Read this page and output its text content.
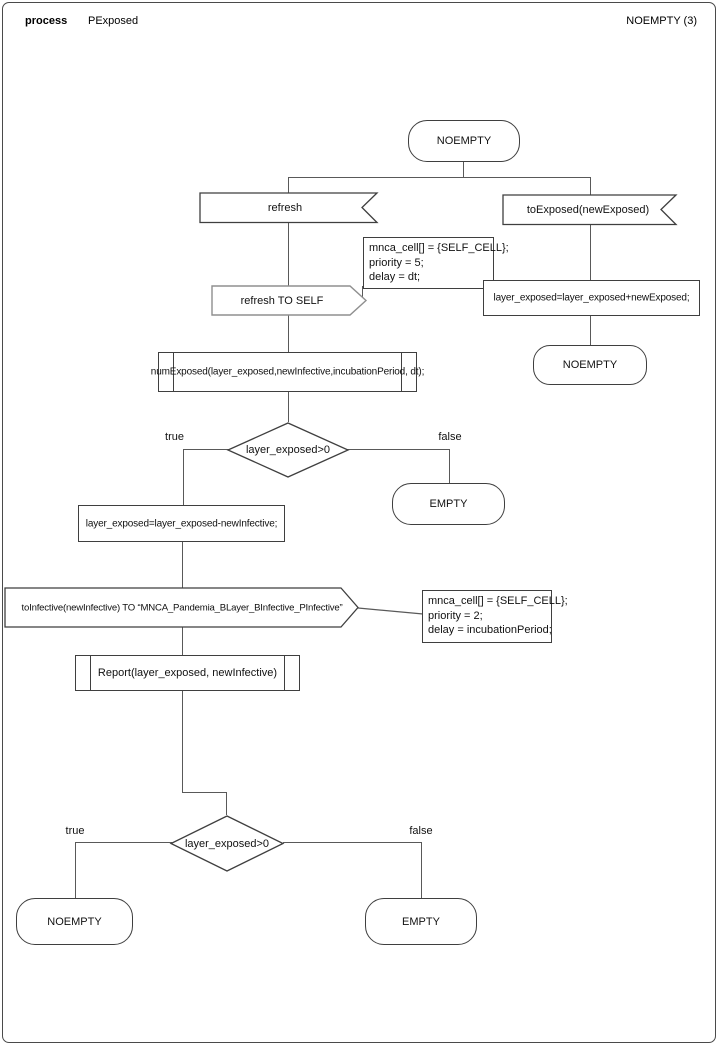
process PExposed	NOEMPTY (3)
NOEMPTY
refresh	toExposed(newExposed)
mnca_cell[] = {SELF_CELL};
priority = 5;
delay = dt;
refresh TO SELF	layer_exposed=layer_exposed+newExposed;
NOEMPTY
numExposed(layer_exposed,newInfective,incubationPeriod, dt);
layer_exposed>0
true	false
EMPTY
layer_exposed=layer_exposed-newInfective;
toInfective(newInfective) TO “MNCA_Pandemia_BLayer_BInfective_PInfective”
mnca_cell[] = {SELF_CELL};
priority = 2;
delay = incubationPeriod;
Report(layer_exposed, newInfective)
layer_exposed>0
true	false
NOEMPTY	EMPTY
